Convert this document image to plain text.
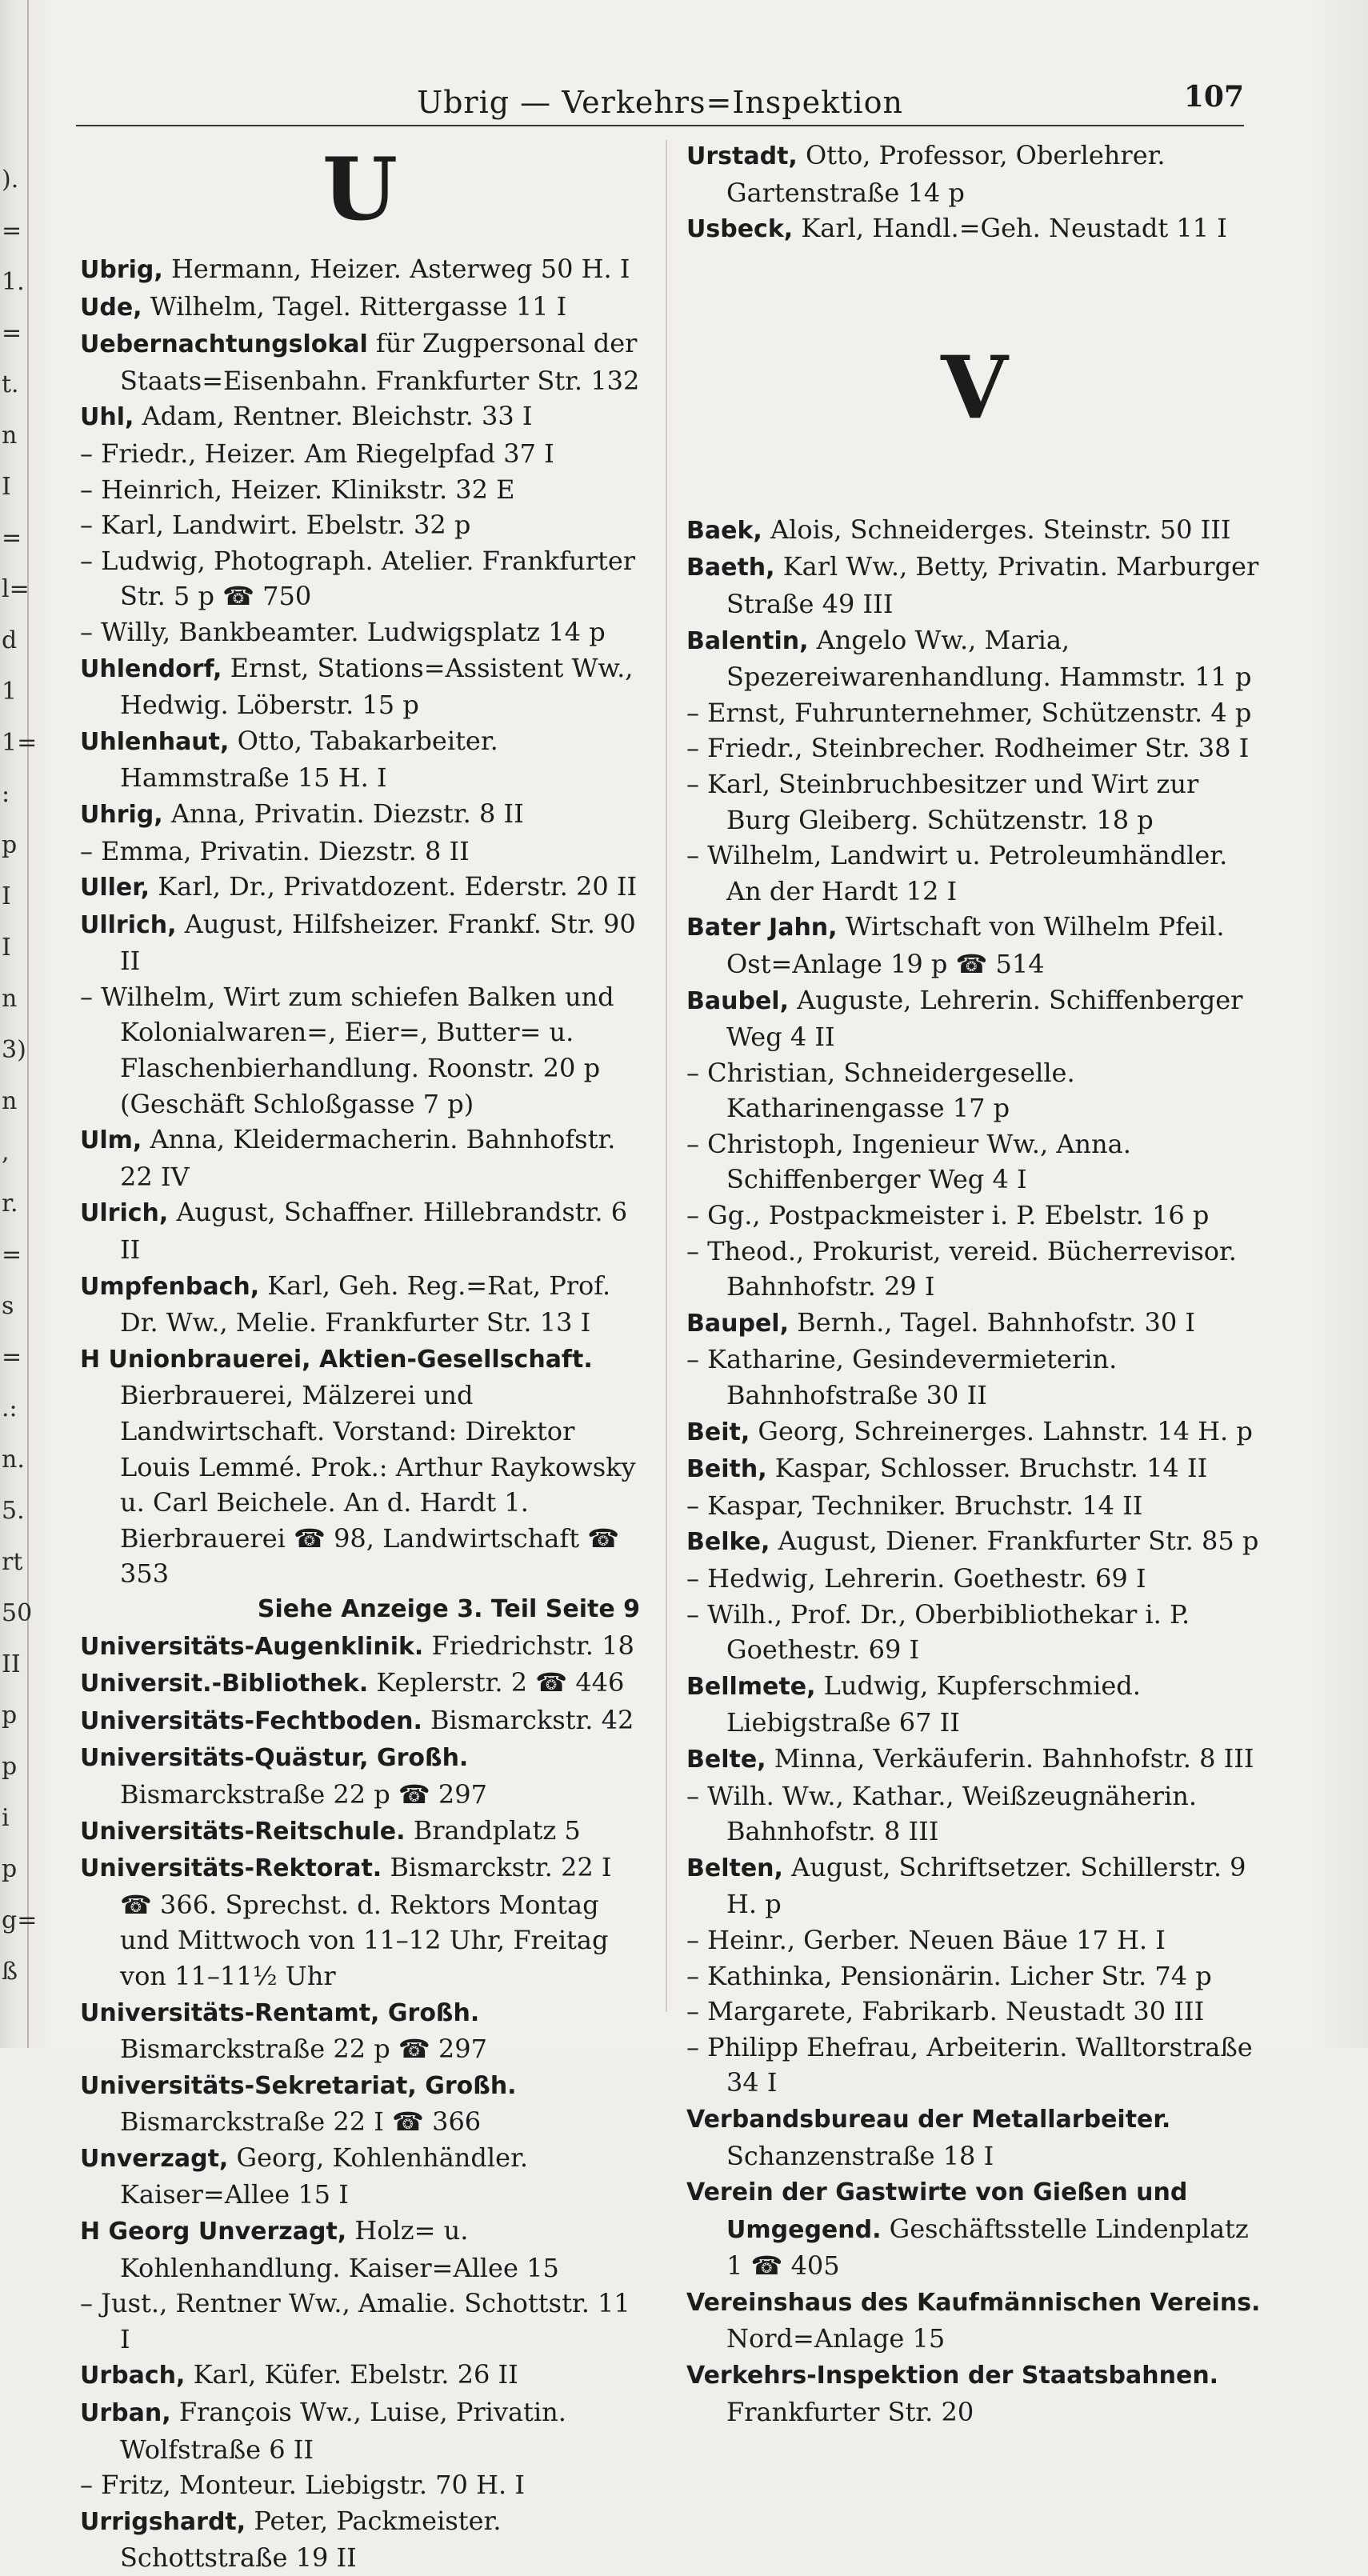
).
=
1.
=
t.
n
I
=
l=
d
1
1=
:
p
I
I
n
3)
n
,
r.
=
s
=
.:
n.
5.
rt
50
II
p
p
i
p
g=
ß
Ubrig — Verkehrs=Inspektion	107
U
Ubrig, Hermann, Heizer. Asterweg 50 H. I
Ude, Wilhelm, Tagel. Rittergasse 11 I
Uebernachtungslokal für Zugpersonal der Staats=Eisenbahn. Frankfurter Str. 132
Uhl, Adam, Rentner. Bleichstr. 33 I
– Friedr., Heizer. Am Riegelpfad 37 I
– Heinrich, Heizer. Klinikstr. 32 E
– Karl, Landwirt. Ebelstr. 32 p
– Ludwig, Photograph. Atelier. Frankfurter Str. 5 p ☎ 750
– Willy, Bankbeamter. Ludwigsplatz 14 p
Uhlendorf, Ernst, Stations=Assistent Ww., Hedwig. Löberstr. 15 p
Uhlenhaut, Otto, Tabakarbeiter. Hammstraße 15 H. I
Uhrig, Anna, Privatin. Diezstr. 8 II
– Emma, Privatin. Diezstr. 8 II
Uller, Karl, Dr., Privatdozent. Ederstr. 20 II
Ullrich, August, Hilfsheizer. Frankf. Str. 90 II
– Wilhelm, Wirt zum schiefen Balken und Kolonialwaren=, Eier=, Butter= u. Flaschenbierhandlung. Roonstr. 20 p (Geschäft Schloßgasse 7 p)
Ulm, Anna, Kleidermacherin. Bahnhofstr. 22 IV
Ulrich, August, Schaffner. Hillebrandstr. 6 II
Umpfenbach, Karl, Geh. Reg.=Rat, Prof. Dr. Ww., Melie. Frankfurter Str. 13 I
H Unionbrauerei, Aktien-Gesellschaft. Bierbrauerei, Mälzerei und Landwirtschaft. Vorstand: Direktor Louis Lemmé. Prok.: Arthur Raykowsky u. Carl Beichele. An d. Hardt 1. Bierbrauerei ☎ 98, Landwirtschaft ☎ 353
Siehe Anzeige 3. Teil Seite 9
Universitäts-Augenklinik. Friedrichstr. 18
Universit.-Bibliothek. Keplerstr. 2 ☎ 446
Universitäts-Fechtboden. Bismarckstr. 42
Universitäts-Quästur, Großh. Bismarckstraße 22 p ☎ 297
Universitäts-Reitschule. Brandplatz 5
Universitäts-Rektorat. Bismarckstr. 22 I ☎ 366. Sprechst. d. Rektors Montag und Mittwoch von 11–12 Uhr, Freitag von 11–11½ Uhr
Universitäts-Rentamt, Großh. Bismarckstraße 22 p ☎ 297
Universitäts-Sekretariat, Großh. Bismarckstraße 22 I ☎ 366
Unverzagt, Georg, Kohlenhändler. Kaiser=Allee 15 I
H Georg Unverzagt, Holz= u. Kohlenhandlung. Kaiser=Allee 15
– Just., Rentner Ww., Amalie. Schottstr. 11 I
Urbach, Karl, Küfer. Ebelstr. 26 II
Urban, François Ww., Luise, Privatin. Wolfstraße 6 II
– Fritz, Monteur. Liebigstr. 70 H. I
Urrigshardt, Peter, Packmeister. Schottstraße 19 II
Urstadt, Otto, Professor, Oberlehrer. Gartenstraße 14 p
Usbeck, Karl, Handl.=Geh. Neustadt 11 I
V
Baek, Alois, Schneiderges. Steinstr. 50 III
Baeth, Karl Ww., Betty, Privatin. Marburger Straße 49 III
Balentin, Angelo Ww., Maria, Spezereiwarenhandlung. Hammstr. 11 p
– Ernst, Fuhrunternehmer, Schützenstr. 4 p
– Friedr., Steinbrecher. Rodheimer Str. 38 I
– Karl, Steinbruchbesitzer und Wirt zur Burg Gleiberg. Schützenstr. 18 p
– Wilhelm, Landwirt u. Petroleumhändler. An der Hardt 12 I
Bater Jahn, Wirtschaft von Wilhelm Pfeil. Ost=Anlage 19 p ☎ 514
Baubel, Auguste, Lehrerin. Schiffenberger Weg 4 II
– Christian, Schneidergeselle. Katharinengasse 17 p
– Christoph, Ingenieur Ww., Anna. Schiffenberger Weg 4 I
– Gg., Postpackmeister i. P. Ebelstr. 16 p
– Theod., Prokurist, vereid. Bücherrevisor. Bahnhofstr. 29 I
Baupel, Bernh., Tagel. Bahnhofstr. 30 I
– Katharine, Gesindevermieterin. Bahnhofstraße 30 II
Beit, Georg, Schreinerges. Lahnstr. 14 H. p
Beith, Kaspar, Schlosser. Bruchstr. 14 II
– Kaspar, Techniker. Bruchstr. 14 II
Belke, August, Diener. Frankfurter Str. 85 p
– Hedwig, Lehrerin. Goethestr. 69 I
– Wilh., Prof. Dr., Oberbibliothekar i. P. Goethestr. 69 I
Bellmete, Ludwig, Kupferschmied. Liebigstraße 67 II
Belte, Minna, Verkäuferin. Bahnhofstr. 8 III
– Wilh. Ww., Kathar., Weißzeugnäherin. Bahnhofstr. 8 III
Belten, August, Schriftsetzer. Schillerstr. 9 H. p
– Heinr., Gerber. Neuen Bäue 17 H. I
– Kathinka, Pensionärin. Licher Str. 74 p
– Margarete, Fabrikarb. Neustadt 30 III
– Philipp Ehefrau, Arbeiterin. Walltorstraße 34 I
Verbandsbureau der Metallarbeiter. Schanzenstraße 18 I
Verein der Gastwirte von Gießen und Umgegend. Geschäftsstelle Lindenplatz 1 ☎ 405
Vereinshaus des Kaufmännischen Vereins. Nord=Anlage 15
Verkehrs-Inspektion der Staatsbahnen. Frankfurter Str. 20
